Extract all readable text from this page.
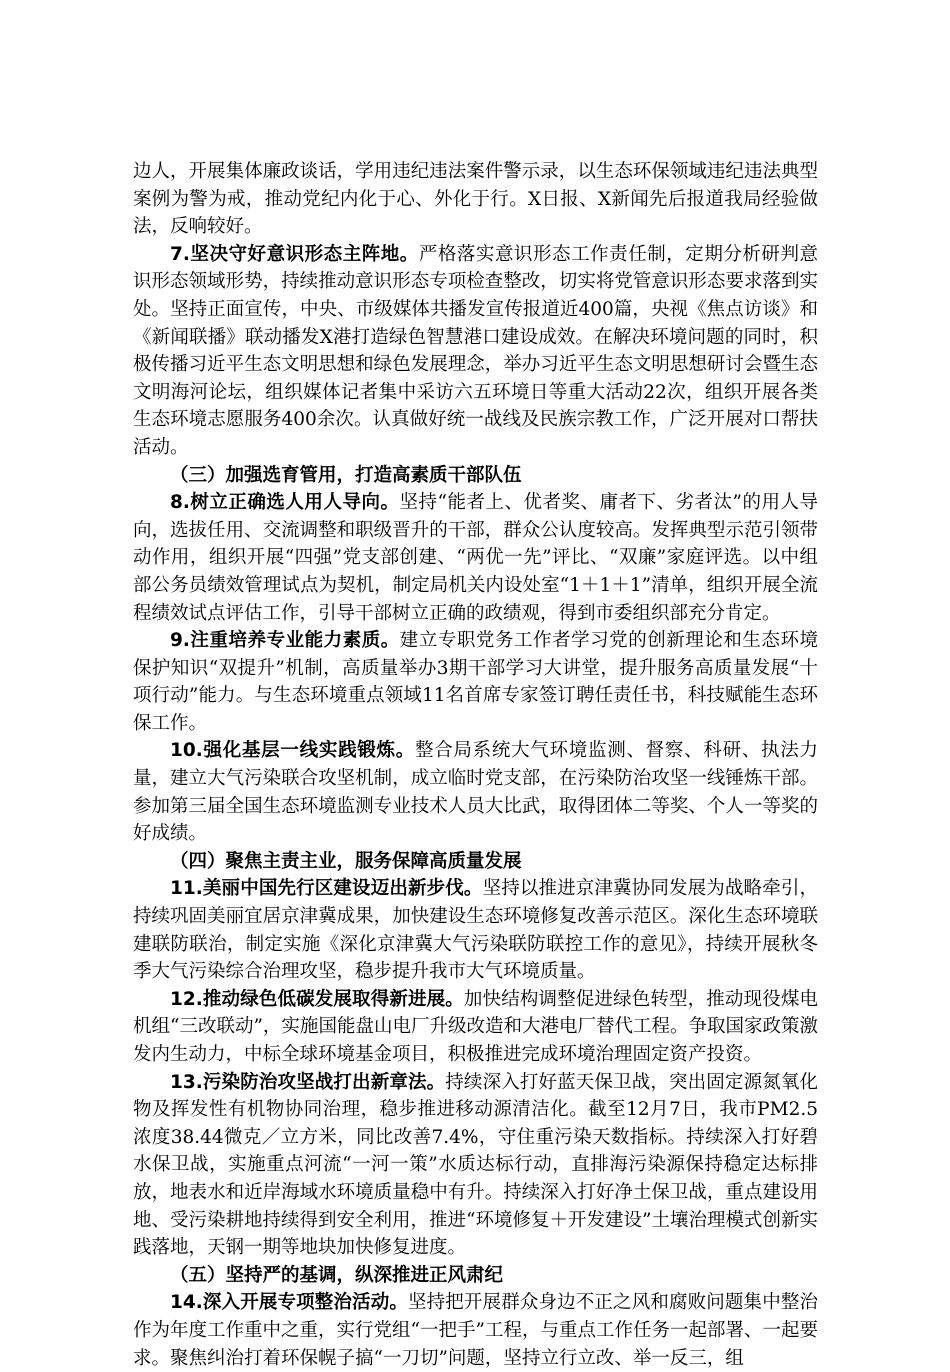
边人，开展集体廉政谈话，学用违纪违法案件警示录，以生态环保领域违纪违法典型案例为警为戒，推动党纪内化于心、外化于行。X日报、X新闻先后报道我局经验做法，反响较好。

7.坚决守好意识形态主阵地。严格落实意识形态工作责任制，定期分析研判意识形态领域形势，持续推动意识形态专项检查整改，切实将党管意识形态要求落到实处。坚持正面宣传，中央、市级媒体共播发宣传报道近400篇，央视《焦点访谈》和《新闻联播》联动播发X港打造绿色智慧港口建设成效。在解决环境问题的同时，积极传播习近平生态文明思想和绿色发展理念，举办习近平生态文明思想研讨会暨生态文明海河论坛，组织媒体记者集中采访六五环境日等重大活动22次，组织开展各类生态环境志愿服务400余次。认真做好统一战线及民族宗教工作，广泛开展对口帮扶活动。

（三）加强选育管用，打造高素质干部队伍

8.树立正确选人用人导向。坚持“能者上、优者奖、庸者下、劣者汰”的用人导向，选拔任用、交流调整和职级晋升的干部，群众公认度较高。发挥典型示范引领带动作用，组织开展“四强”党支部创建、“两优一先”评比、“双廉”家庭评选。以中组部公务员绩效管理试点为契机，制定局机关内设处室“1＋1＋1”清单，组织开展全流程绩效试点评估工作，引导干部树立正确的政绩观，得到市委组织部充分肯定。

9.注重培养专业能力素质。建立专职党务工作者学习党的创新理论和生态环境保护知识“双提升”机制，高质量举办3期干部学习大讲堂，提升服务高质量发展“十项行动”能力。与生态环境重点领域11名首席专家签订聘任责任书，科技赋能生态环保工作。

10.强化基层一线实践锻炼。整合局系统大气环境监测、督察、科研、执法力量，建立大气污染联合攻坚机制，成立临时党支部，在污染防治攻坚一线锤炼干部。参加第三届全国生态环境监测专业技术人员大比武，取得团体二等奖、个人一等奖的好成绩。

（四）聚焦主责主业，服务保障高质量发展

11.美丽中国先行区建设迈出新步伐。坚持以推进京津冀协同发展为战略牵引，持续巩固美丽宜居京津冀成果，加快建设生态环境修复改善示范区。深化生态环境联建联防联治，制定实施《深化京津冀大气污染联防联控工作的意见》，持续开展秋冬季大气污染综合治理攻坚，稳步提升我市大气环境质量。

12.推动绿色低碳发展取得新进展。加快结构调整促进绿色转型，推动现役煤电机组“三改联动”，实施国能盘山电厂升级改造和大港电厂替代工程。争取国家政策激发内生动力，中标全球环境基金项目，积极推进完成环境治理固定资产投资。

13.污染防治攻坚战打出新章法。持续深入打好蓝天保卫战，突出固定源氮氧化物及挥发性有机物协同治理，稳步推进移动源清洁化。截至12月7日，我市PM2.5浓度38.44微克／立方米，同比改善7.4%，守住重污染天数指标。持续深入打好碧水保卫战，实施重点河流“一河一策”水质达标行动，直排海污染源保持稳定达标排放，地表水和近岸海域水环境质量稳中有升。持续深入打好净土保卫战，重点建设用地、受污染耕地持续得到安全利用，推进“环境修复＋开发建设”土壤治理模式创新实践落地，天钢一期等地块加快修复进度。

（五）坚持严的基调，纵深推进正风肃纪

14.深入开展专项整治活动。坚持把开展群众身边不正之风和腐败问题集中整治作为年度工作重中之重，实行党组“一把手”工程，与重点工作任务一起部署、一起要求。聚焦纠治打着环保幌子搞“一刀切”问题，坚持立行立改、举一反三，组
